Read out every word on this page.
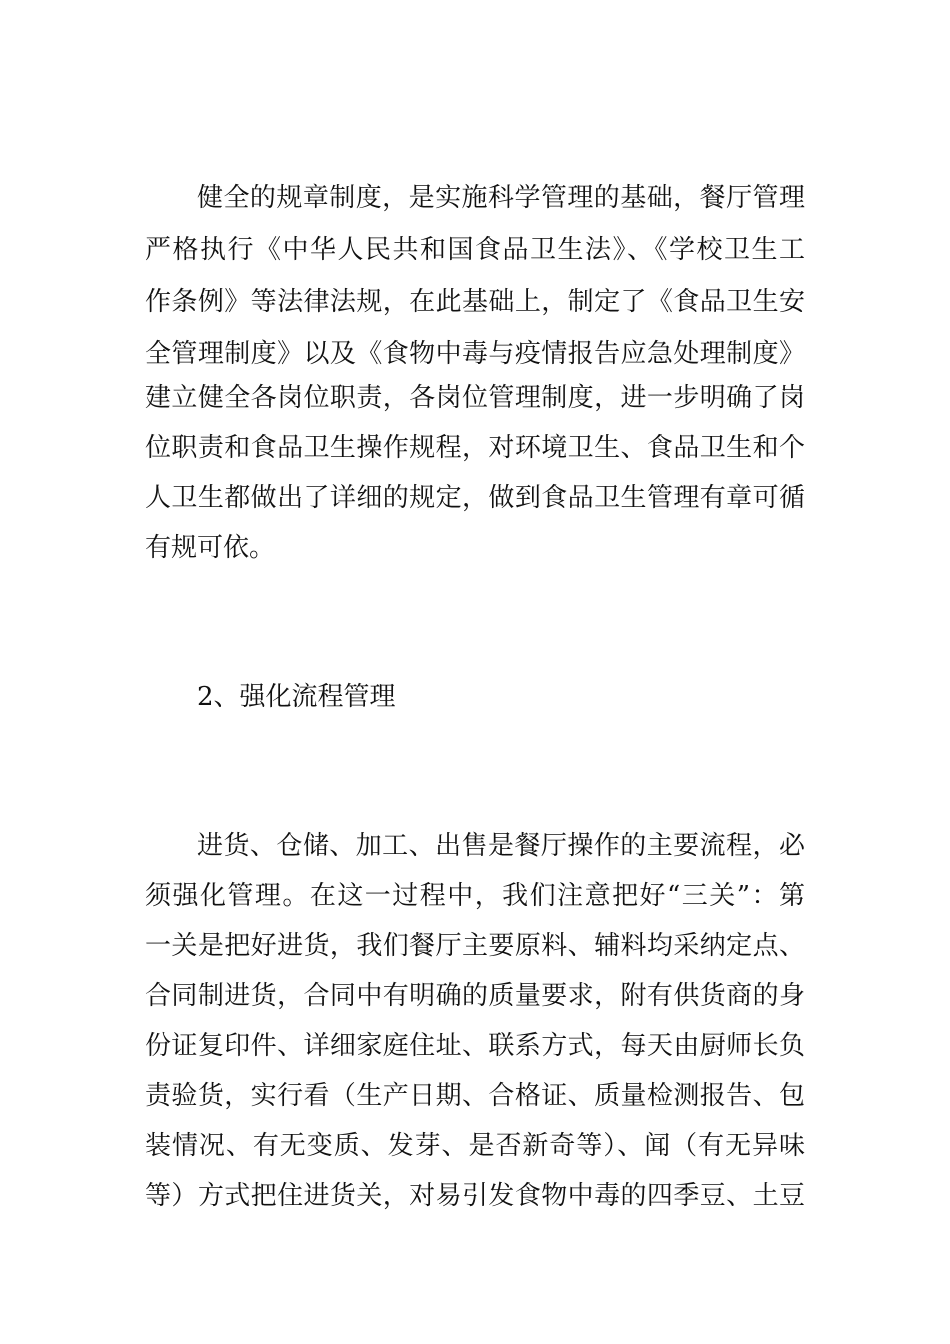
健全的规章制度，是实施科学管理的基础，餐厅管理
严格执行《中华人民共和国食品卫生法》、《学校卫生工
作条例》等法律法规，在此基础上，制定了《食品卫生安
全管理制度》以及《食物中毒与疫情报告应急处理制度》
建立健全各岗位职责，各岗位管理制度，进一步明确了岗
位职责和食品卫生操作规程，对环境卫生、食品卫生和个
人卫生都做出了详细的规定，做到食品卫生管理有章可循
有规可依。
2、强化流程管理
进货、仓储、加工、出售是餐厅操作的主要流程，必
须强化管理。在这一过程中，我们注意把好“三关”：第
一关是把好进货，我们餐厅主要原料、辅料均采纳定点、
合同制进货，合同中有明确的质量要求，附有供货商的身
份证复印件、详细家庭住址、联系方式，每天由厨师长负
责验货，实行看（生产日期、合格证、质量检测报告、包
装情况、有无变质、发芽、是否新奇等）、闻（有无异味
等）方式把住进货关，对易引发食物中毒的四季豆、土豆
